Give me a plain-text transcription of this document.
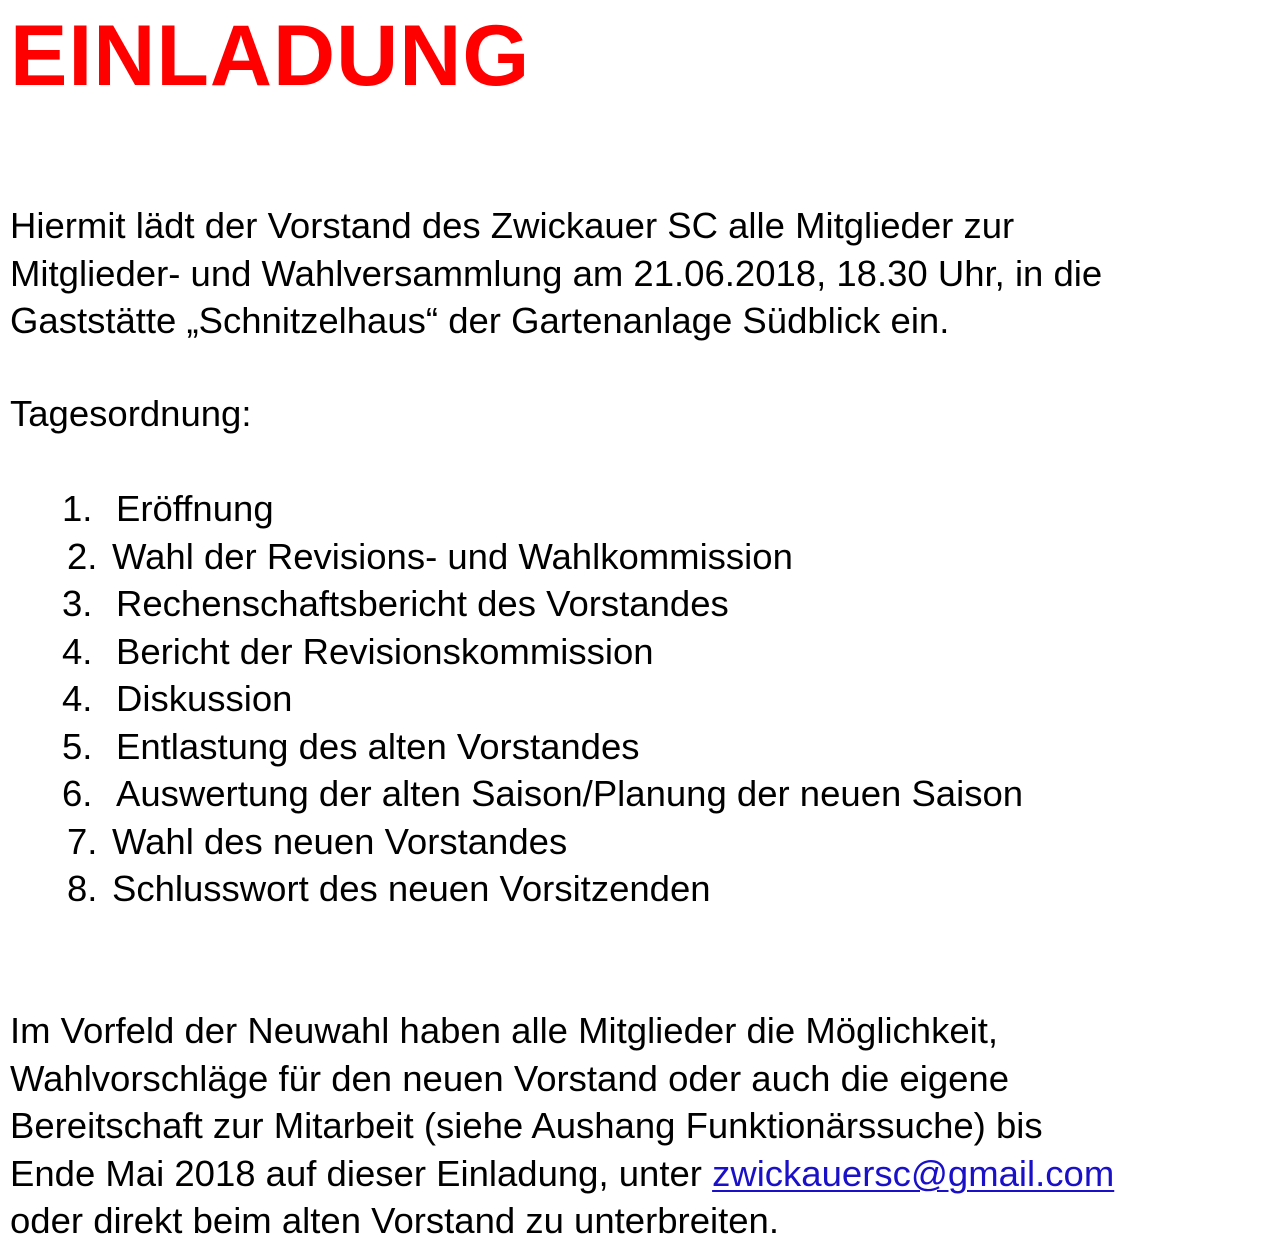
EINLADUNG
Hiermit lädt der Vorstand des Zwickauer SC alle Mitglieder zur
Mitglieder- und Wahlversammlung am 21.06.2018, 18.30 Uhr, in die
Gaststätte „Schnitzelhaus“ der Gartenanlage Südblick ein.
Tagesordnung:
1. Eröffnung
2. Wahl der Revisions- und Wahlkommission
3. Rechenschaftsbericht des Vorstandes
4. Bericht der Revisionskommission
4. Diskussion
5. Entlastung des alten Vorstandes
6. Auswertung der alten Saison/Planung der neuen Saison
7. Wahl des neuen Vorstandes
8. Schlusswort des neuen Vorsitzenden
Im Vorfeld der Neuwahl haben alle Mitglieder die Möglichkeit,
Wahlvorschläge für den neuen Vorstand oder auch die eigene
Bereitschaft zur Mitarbeit (siehe Aushang Funktionärssuche) bis
Ende Mai 2018 auf dieser Einladung, unter zwickauersc@gmail.com
oder direkt beim alten Vorstand zu unterbreiten.
